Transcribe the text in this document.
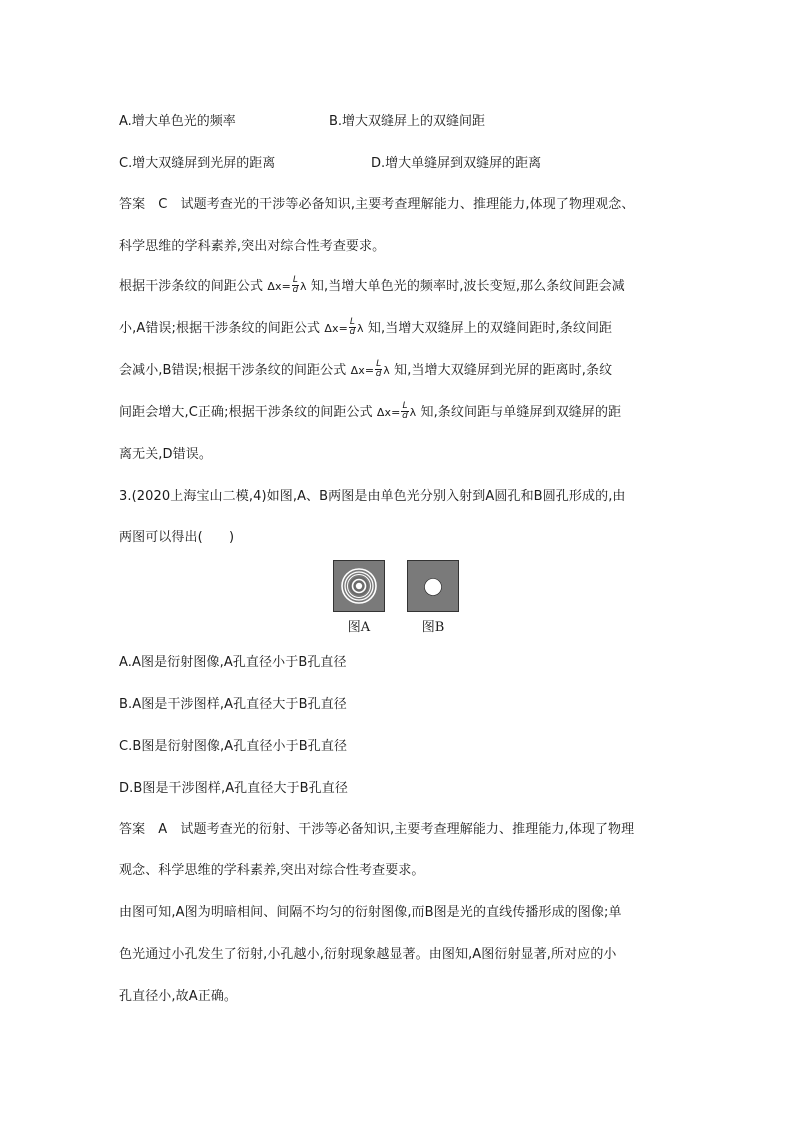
A.增大单色光的频率	B.增大双缝屏上的双缝间距
C.增大双缝屏到光屏的距离	D.增大单缝屏到双缝屏的距离
答案　C　试题考查光的干涉等必备知识,主要考查理解能力、推理能力,体现了物理观念、
科学思维的学科素养,突出对综合性考查要求。
根据干涉条纹的间距公式 $\Delta x= \frac{L}{d}$ λ 知,当增大单色光的频率时,波长变短,那么条纹间距会减
小,A错误;根据干涉条纹的间距公式 $\Delta x= \frac{L}{d}$ λ 知,当增大双缝屏上的双缝间距时,条纹间距
会减小,B错误;根据干涉条纹的间距公式 $\Delta x= \frac{L}{d}$ λ 知,当增大双缝屏到光屏的距离时,条纹
间距会增大,C正确;根据干涉条纹的间距公式 $\Delta x= \frac{L}{d}$ λ 知,条纹间距与单缝屏到双缝屏的距
离无关,D错误。
3.(2020上海宝山二模,4)如图,A、B两图是由单色光分别入射到A圆孔和B圆孔形成的,由
两图可以得出(　　)
图A	图B
A.A图是衍射图像,A孔直径小于B孔直径
B.A图是干涉图样,A孔直径大于B孔直径
C.B图是衍射图像,A孔直径小于B孔直径
D.B图是干涉图样,A孔直径大于B孔直径
答案　A　试题考查光的衍射、干涉等必备知识,主要考查理解能力、推理能力,体现了物理
观念、科学思维的学科素养,突出对综合性考查要求。
由图可知,A图为明暗相间、间隔不均匀的衍射图像,而B图是光的直线传播形成的图像;单
色光通过小孔发生了衍射,小孔越小,衍射现象越显著。由图知,A图衍射显著,所对应的小
孔直径小,故A正确。
